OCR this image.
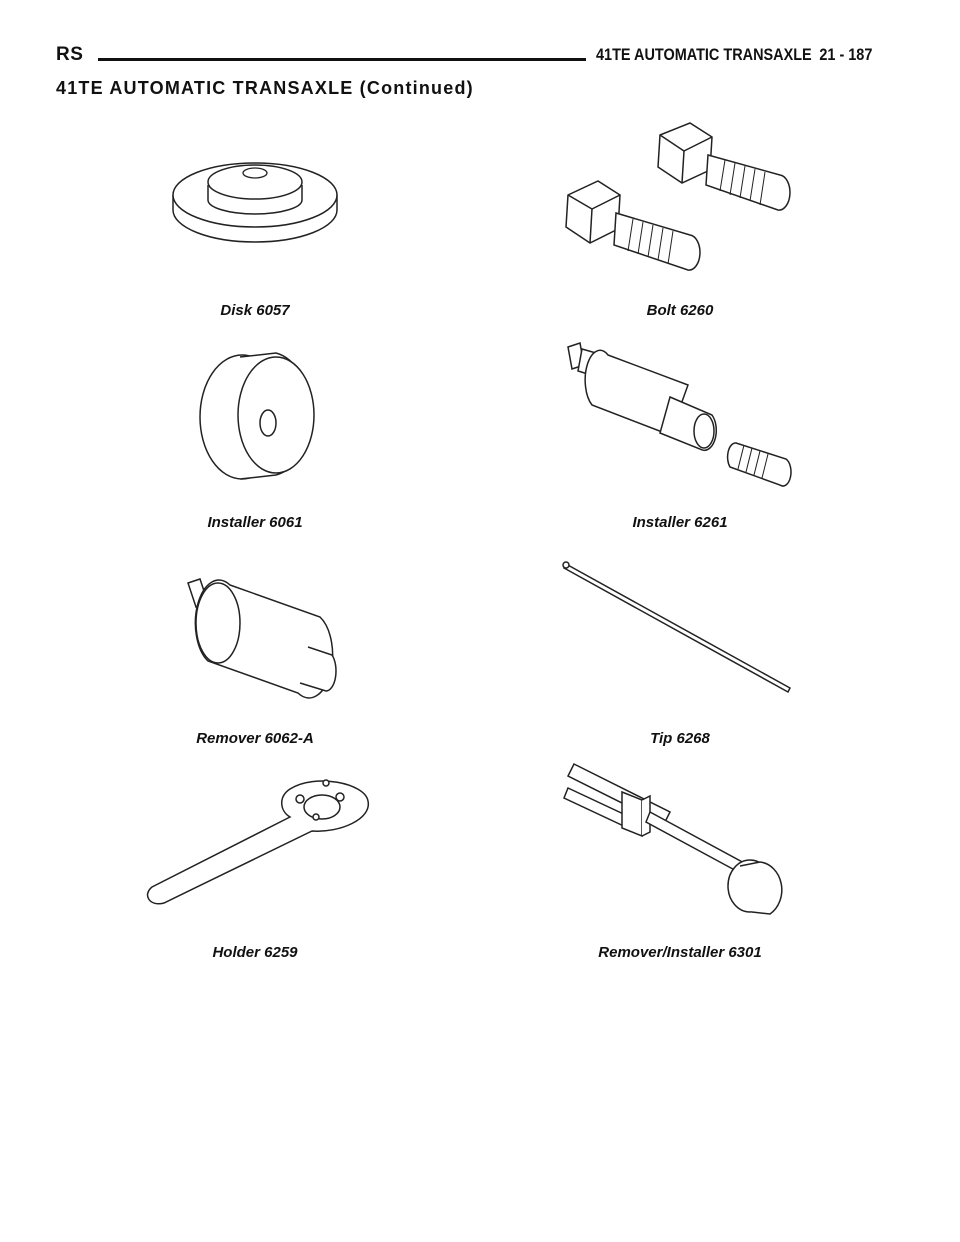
RS	41TE AUTOMATIC TRANSAXLE 21 - 187
41TE AUTOMATIC TRANSAXLE (Continued)
Disk 6057	Bolt 6260
Installer 6061	Installer 6261
Remover 6062-A	Tip 6268
Holder 6259	Remover/Installer 6301
